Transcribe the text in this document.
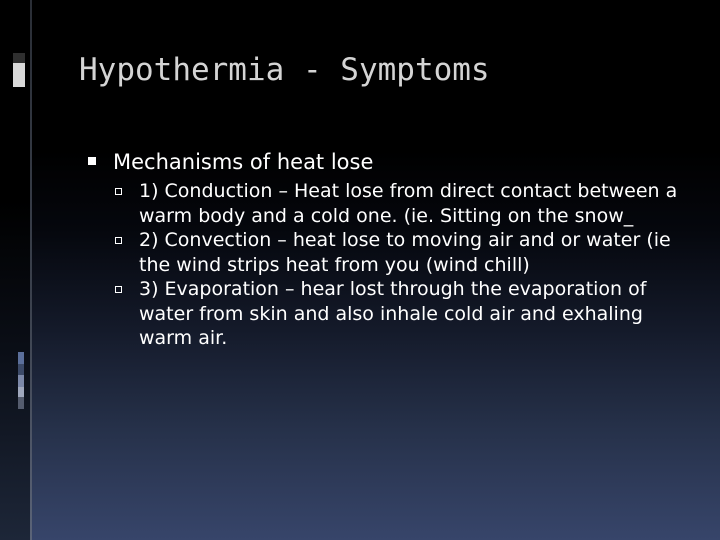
Hypothermia - Symptoms
Mechanisms of heat lose
1) Conduction – Heat lose from direct contact between a warm body and a cold one. (ie. Sitting on the snow_
2) Convection – heat lose to moving air and or water (ie the wind strips heat from you (wind chill)
3) Evaporation – hear lost through the evaporation of water from skin and also inhale cold air and exhaling warm air.
